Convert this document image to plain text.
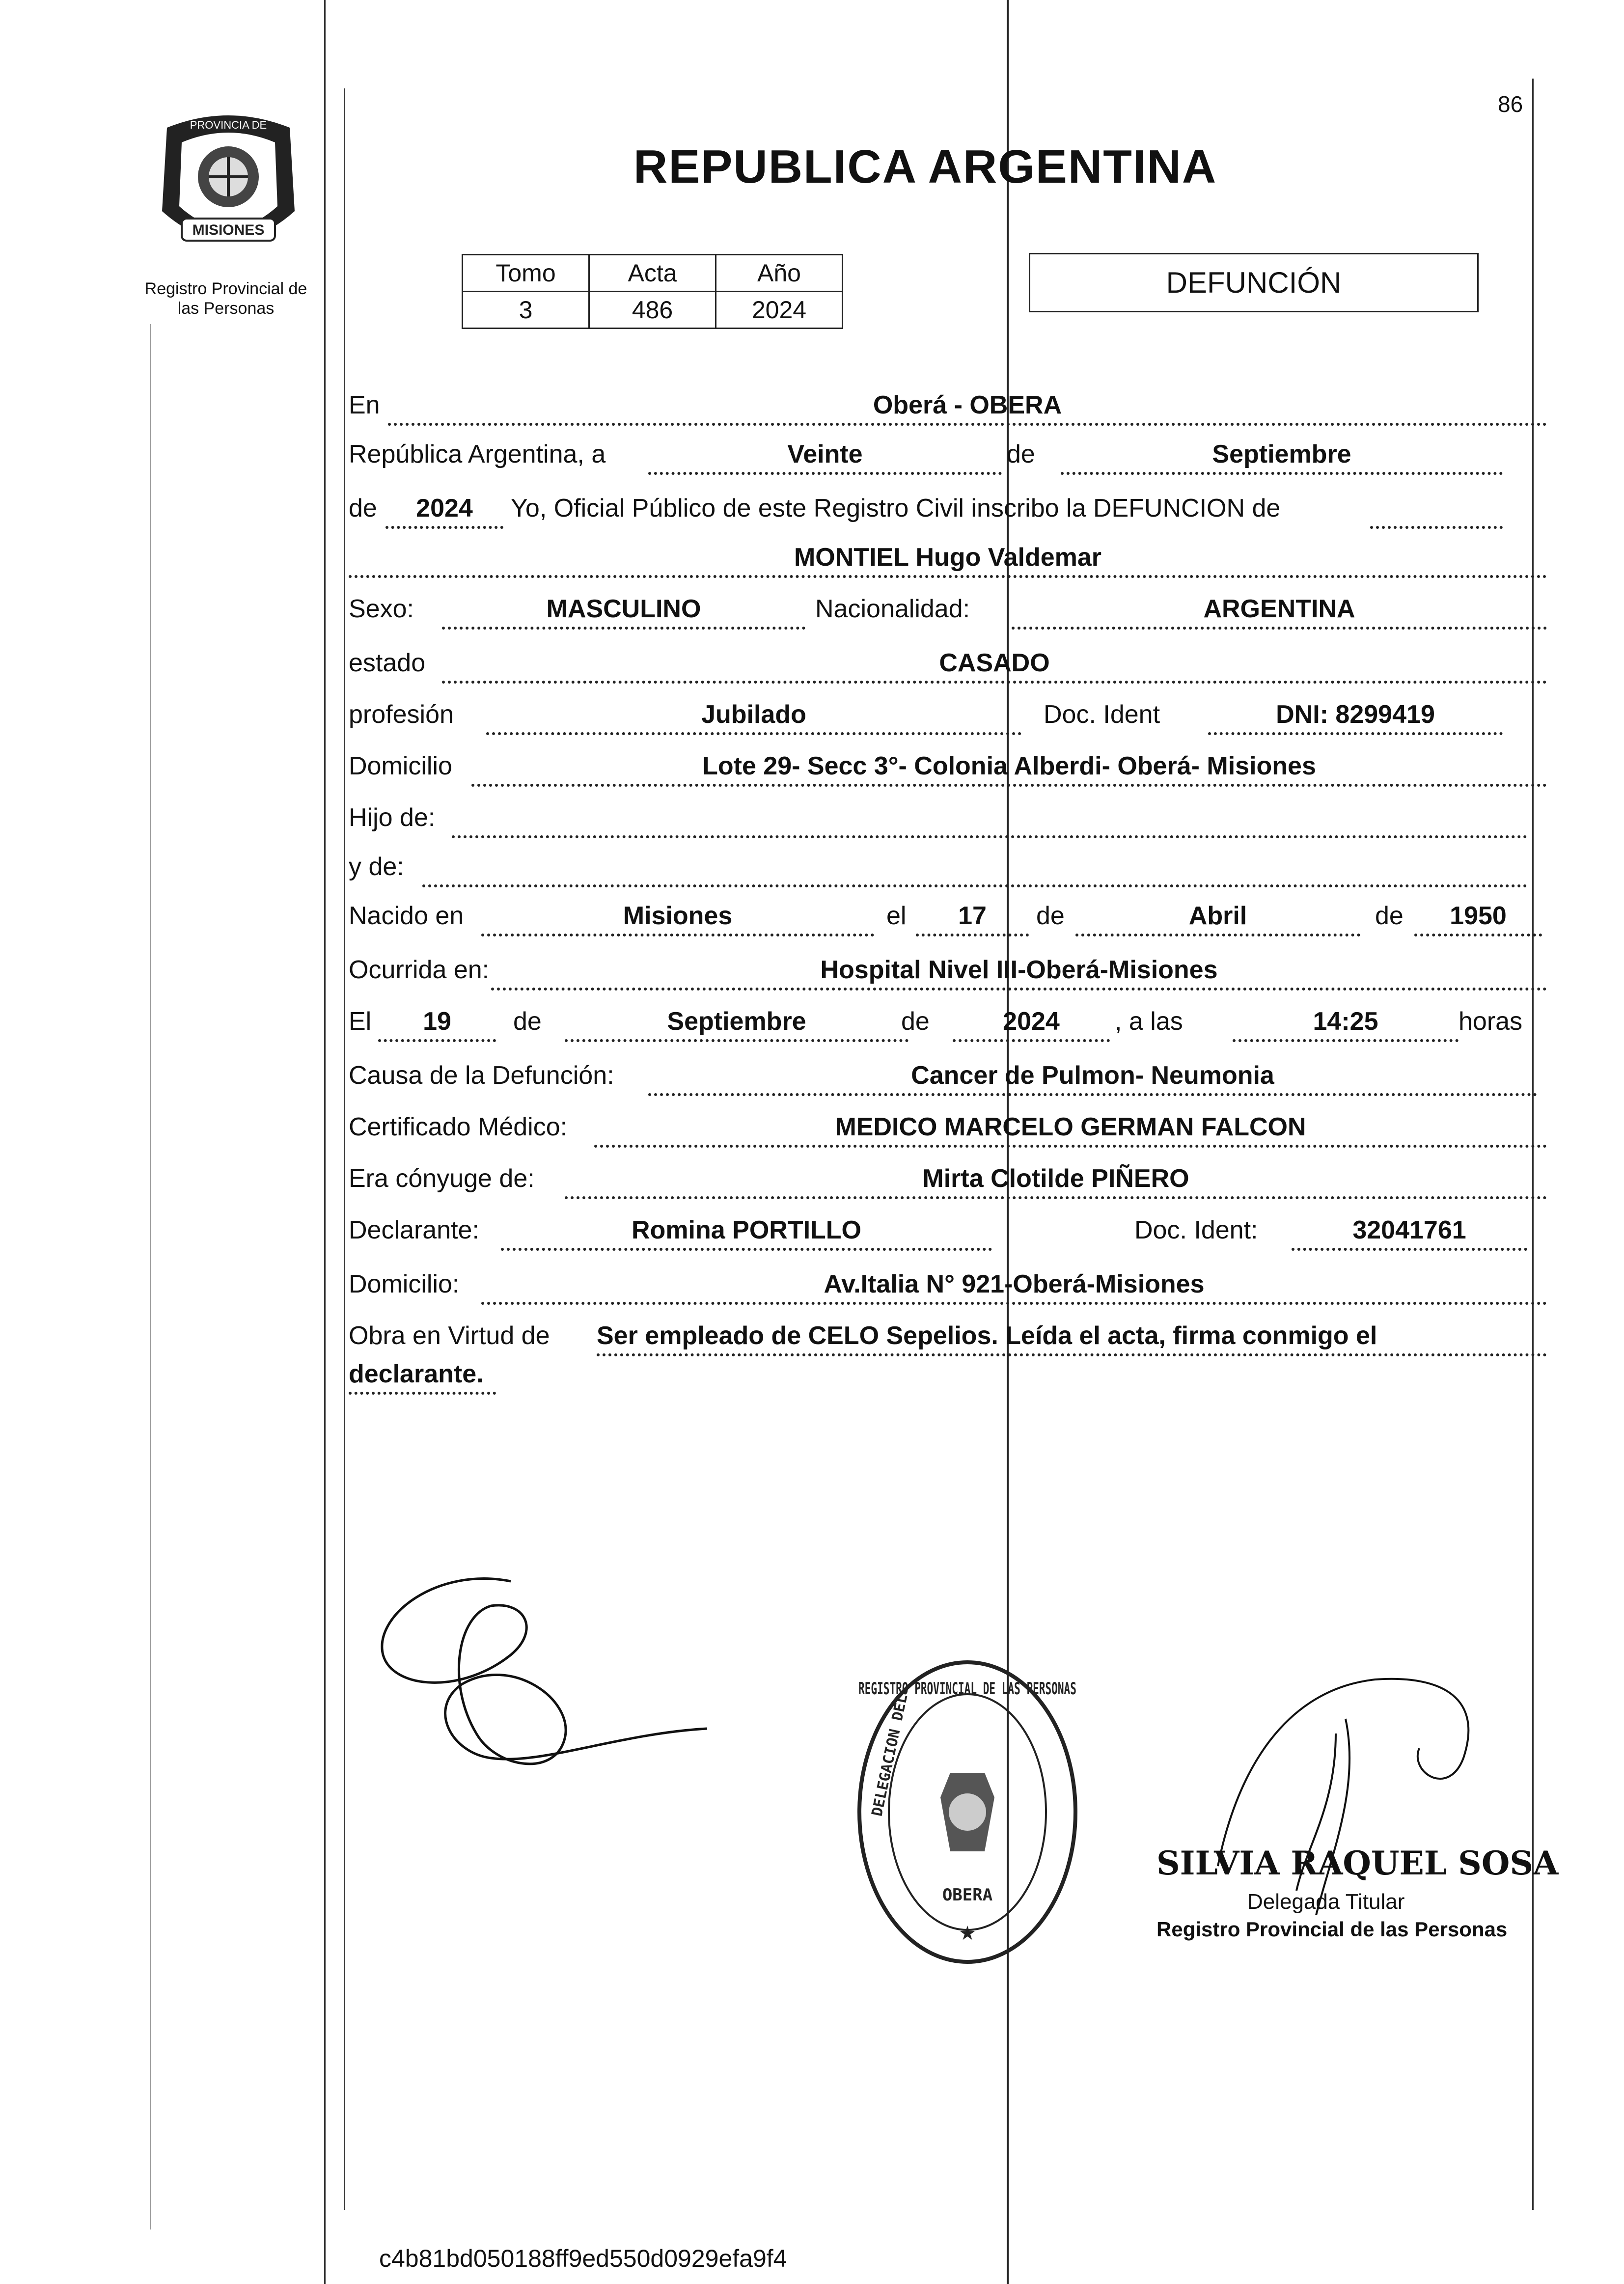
MISIONES
PROVINCIA DE
Registro Provincial de
las Personas
86
REPUBLICA ARGENTINA
Tomo	Acta	Año
3	486	2024
DEFUNCIÓN
En	Oberá - OBERA
República Argentina, a	Veinte	de	Septiembre
de	2024	Yo, Oficial Público de este Registro Civil inscribo la DEFUNCION de
MONTIEL Hugo Valdemar
Sexo:	MASCULINO	Nacionalidad:	ARGENTINA
estado	CASADO
profesión	Jubilado	Doc. Ident	DNI: 8299419
Domicilio	Lote 29- Secc 3°- Colonia Alberdi- Oberá- Misiones
Hijo de:
y de:
Nacido en	Misiones	el	17	de	Abril	de	1950
Ocurrida en:	Hospital Nivel III-Oberá-Misiones
El	19	de	Septiembre	de	2024	, a las	14:25	horas
Causa de la Defunción:	Cancer de Pulmon- Neumonia
Certificado Médico:	MEDICO MARCELO GERMAN FALCON
Era cónyuge de:	Mirta Clotilde PIÑERO
Declarante:	Romina PORTILLO	Doc. Ident:	32041761
Domicilio:	Av.Italia N° 921-Oberá-Misiones
Obra en Virtud de Ser empleado de CELO Sepelios. Leída el acta, firma conmigo el
declarante.
REGISTRO PROVINCIAL DE LAS PERSONAS
DELEGACION DEL
OBERA
★
SILVIA RAQUEL SOSA
Delegada Titular
Registro Provincial de las Personas
c4b81bd050188ff9ed550d0929efa9f4
